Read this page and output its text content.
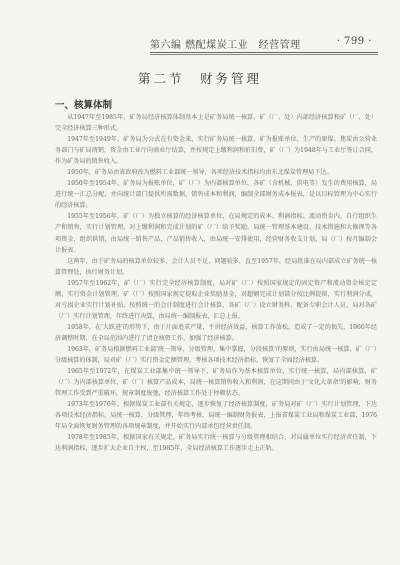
第六编 燃配煤炭工业　经营管理	· 799 ·
第二节　财务管理
一、核算体制

从1947年至1985年，矿务局经济核算体制基本上是矿务局统一核算，矿（厂、处）内部经济核算和矿（厂、处）完全经济核算三种形式。

1947年至1949年，矿务局为公式在有资金来，实行矿务局统一核算，矿为报账单位，生产的原煤、焦炭由公营业务部门与矿局统销，资金由工业厅向商业厅结算，并按规定上缴利润和折旧费，矿（厂）为1948年与工业厅签订合同，作为矿务局的销售收入。

1950年，矿务局由省政府改为燃料工业部统一领导，各项经济技术指标均由东北煤炭管理局下达。

1950年至1954年，矿务局为报账单位，矿（厂）为内部核算单位，各矿（含机械、供电等）发生的费用核算，局进行统一汇总分配，并向统计部门提供所需数据，销售成本和利润，编制全部财务成本报表，是以目标管理为中心实行的经济核算。

1955年至1956年，矿（厂）为独立核算的经济核算单位，在局规定的成本、利润指标、流动资金内，自行组织生产和销售，实行计划管理，对上缴利润和完成计划的矿（厂）给予奖励，局统一管理基本建设、技术措施和大修理等各项资金，组织供销，由局统一销售产品，产品销售收入，由局统一安排使用，经营财务收支计划，局（厂）按月编制会计报表。

这两年，由于矿务局的核算单位较多，会计人员不足，问题较多，直至1957年，经局批准在局内部成立矿务统一核算管理处，执行财务计划。

1957年至1962年，矿（厂）实行完全经济核算制度，局对矿（厂）按照国家规定的固定资产和流动资金核定定额，实行资金计划管理，矿（厂）按照国家规定提取企业奖励基金，对超额完成计划部分按比例提留，实行利润分成，对亏损企业实行计划补贴，按照统一的会计制度进行会计核算，各矿（厂）设立财务科，配备专职会计人员，局对各矿（厂）实行计划管理，年终进行决算，由局统一编制报表，汇总上报。

1958年，在'大跃进'的形势下，由于片面追求产量，不讲经济效益，核算工作放松，造成了一定的损失，1960年经济调整时期，在全局范围内进行了清仓核资工作，加强了经济核算。

1963年，矿务局根据燃料工业部'统一领导，分级管理，集中掌握，分段核算'的原则，实行由局统一核算、矿（厂）分级核算的体制，局对矿（厂）实行资金定额管理，考核各项技术经济指标，恢复了全面经济核算。

1965年至1972年，在煤炭工业部集中统一领导下，矿务局作为基本核算单位，实行统一核算，局内部核算，矿（厂）为内部核算单位，矿（厂）核算产品成本，局统一核算销售收入和利润，在这期间由于'文化大革命'的影响，财务管理工作受到严重破坏，规章制度废弛，经济核算工作处于停顿状态。

1973年至1976年，根据煤炭工业部有关规定，逐步恢复了经济核算制度，矿务局对矿（厂）实行计划管理，下达各项技术经济指标，局统一核算，分级管理，年终考核，局统一编制财务报表，上报省煤炭工业局和煤炭工业部，1976年局全面恢复财务管理的各项规章制度，并开始实行内部承包经营责任制。

1978年至1985年，根据国家有关规定，矿务局实行统一核算与分级管理相结合，对局属单位实行经济责任制，下达利润指标，逐步扩大企业自主权，至1985年，全局经济核算工作逐步走上正轨。
